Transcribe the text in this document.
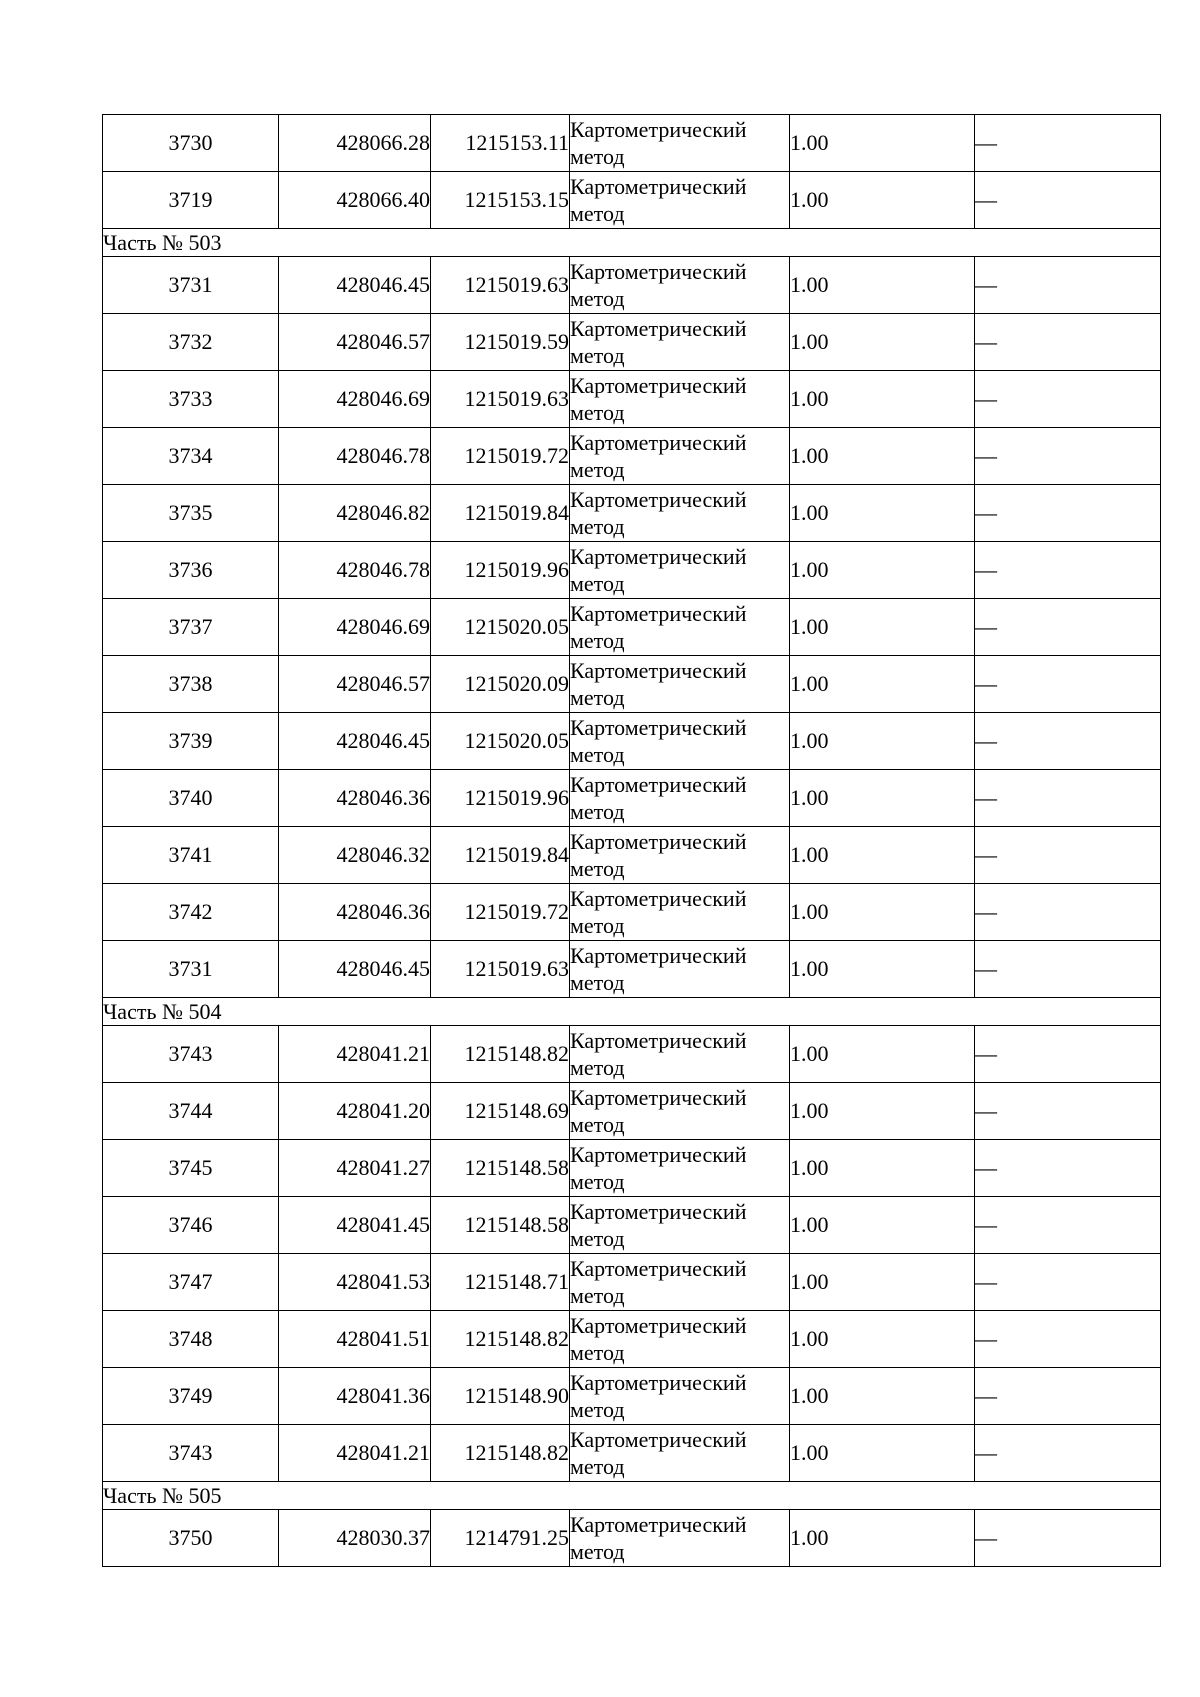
3730	428066.28	1215153.11	Картометрический
метод	1.00	—
3719	428066.40	1215153.15	Картометрический
метод	1.00	—
Часть № 503					
3731	428046.45	1215019.63	Картометрический
метод	1.00	—
3732	428046.57	1215019.59	Картометрический
метод	1.00	—
3733	428046.69	1215019.63	Картометрический
метод	1.00	—
3734	428046.78	1215019.72	Картометрический
метод	1.00	—
3735	428046.82	1215019.84	Картометрический
метод	1.00	—
3736	428046.78	1215019.96	Картометрический
метод	1.00	—
3737	428046.69	1215020.05	Картометрический
метод	1.00	—
3738	428046.57	1215020.09	Картометрический
метод	1.00	—
3739	428046.45	1215020.05	Картометрический
метод	1.00	—
3740	428046.36	1215019.96	Картометрический
метод	1.00	—
3741	428046.32	1215019.84	Картометрический
метод	1.00	—
3742	428046.36	1215019.72	Картометрический
метод	1.00	—
3731	428046.45	1215019.63	Картометрический
метод	1.00	—
Часть № 504					
3743	428041.21	1215148.82	Картометрический
метод	1.00	—
3744	428041.20	1215148.69	Картометрический
метод	1.00	—
3745	428041.27	1215148.58	Картометрический
метод	1.00	—
3746	428041.45	1215148.58	Картометрический
метод	1.00	—
3747	428041.53	1215148.71	Картометрический
метод	1.00	—
3748	428041.51	1215148.82	Картометрический
метод	1.00	—
3749	428041.36	1215148.90	Картометрический
метод	1.00	—
3743	428041.21	1215148.82	Картометрический
метод	1.00	—
Часть № 505					
3750	428030.37	1214791.25	Картометрический
метод	1.00	—
